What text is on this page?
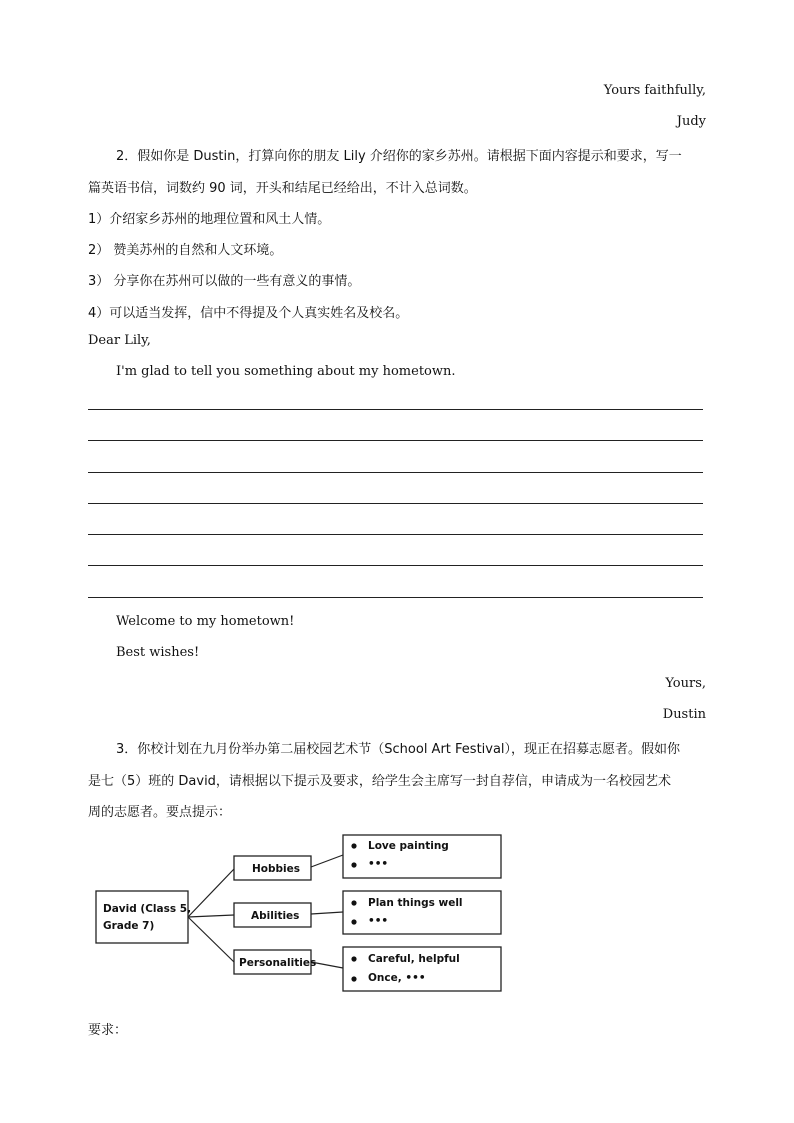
Yours faithfully,
Judy
2．假如你是 Dustin，打算向你的朋友 Lily 介绍你的家乡苏州。请根据下面内容提示和要求，写一
篇英语书信，词数约 90 词，开头和结尾已经给出，不计入总词数。
1）介绍家乡苏州的地理位置和风土人情。
2） 赞美苏州的自然和人文环境。
3） 分享你在苏州可以做的一些有意义的事情。
4）可以适当发挥，信中不得提及个人真实姓名及校名。
Dear Lily,
I'm glad to tell you something about my hometown.
Welcome to my hometown!
Best wishes!
Yours,
Dustin
3．你校计划在九月份举办第二届校园艺术节（School Art Festival），现正在招募志愿者。假如你
是七（5）班的 David，请根据以下提示及要求，给学生会主席写一封自荐信，申请成为一名校园艺术
周的志愿者。要点提示：
David (Class 5,
Grade 7)
Hobbies
Abilities
Personalities
Love painting
•••
Plan things well
•••
Careful, helpful
Once, •••
要求：
